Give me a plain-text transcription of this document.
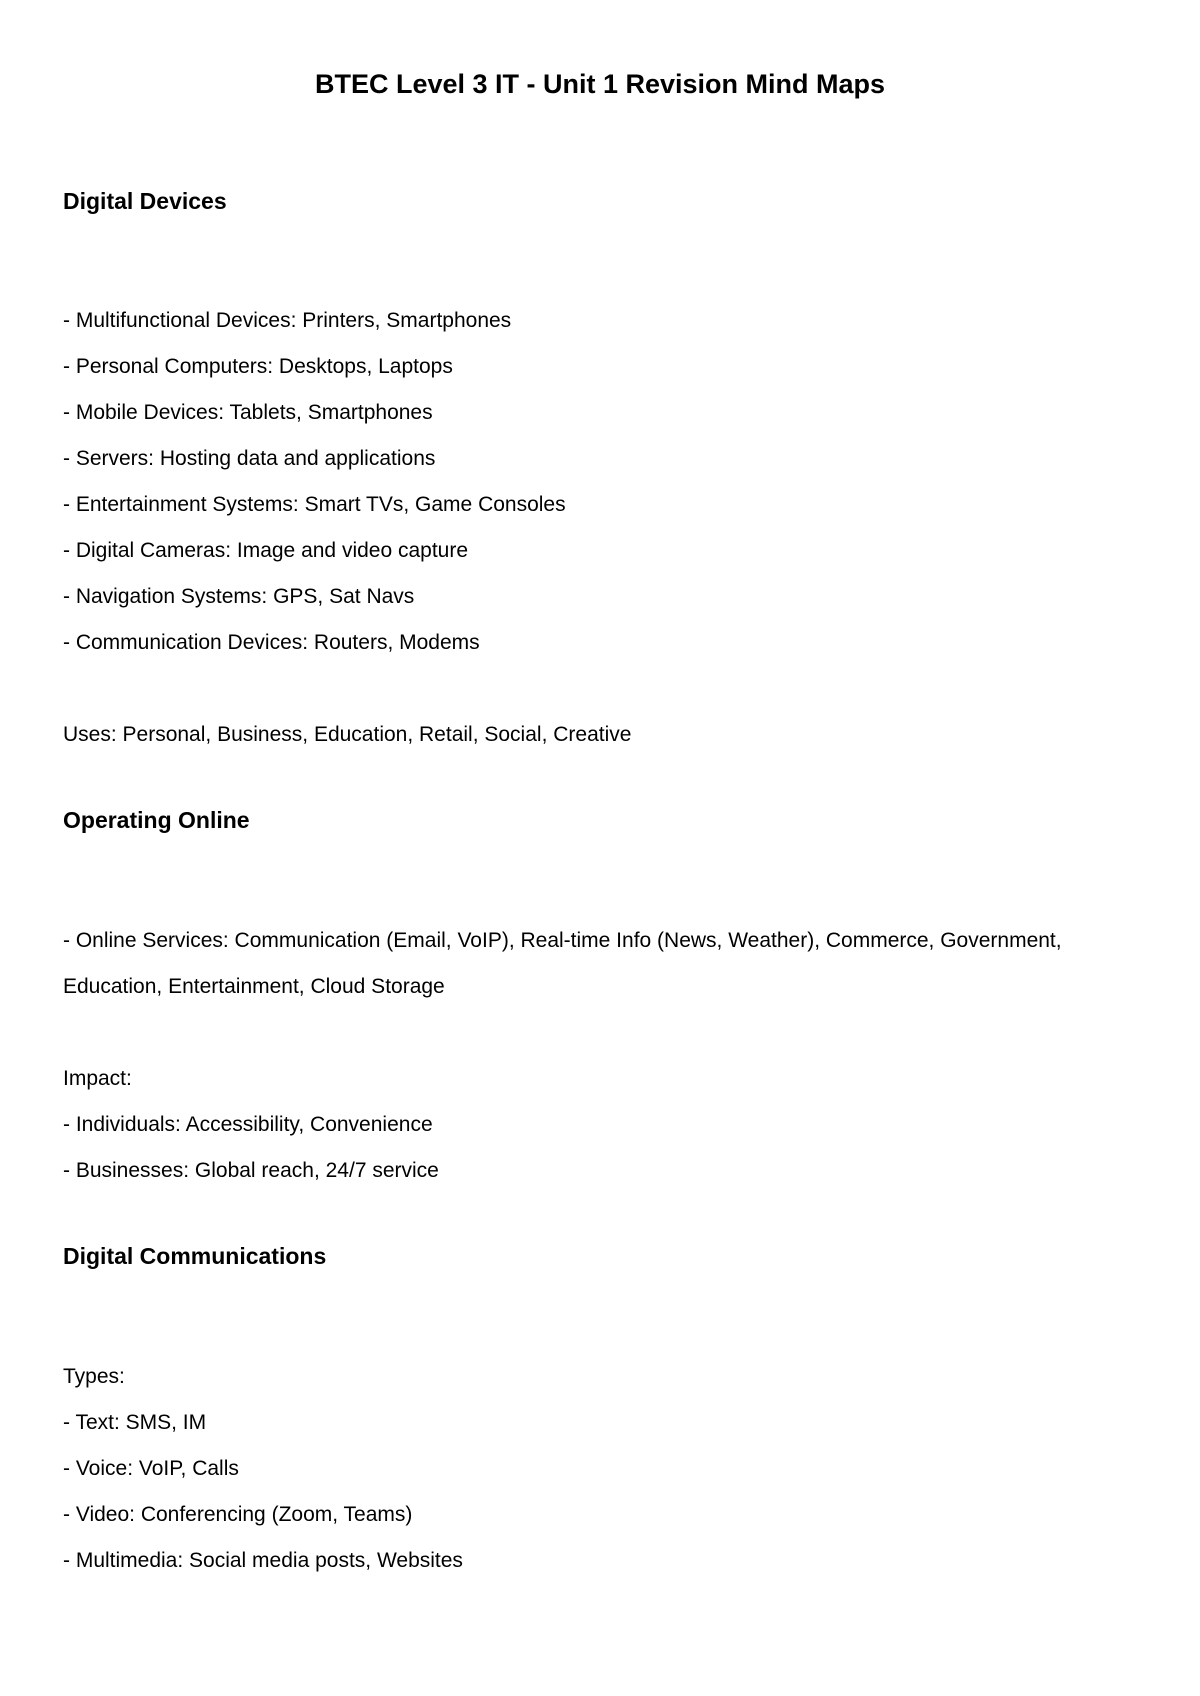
BTEC Level 3 IT - Unit 1 Revision Mind Maps
Digital Devices
- Multifunctional Devices: Printers, Smartphones
- Personal Computers: Desktops, Laptops
- Mobile Devices: Tablets, Smartphones
- Servers: Hosting data and applications
- Entertainment Systems: Smart TVs, Game Consoles
- Digital Cameras: Image and video capture
- Navigation Systems: GPS, Sat Navs
- Communication Devices: Routers, Modems
Uses: Personal, Business, Education, Retail, Social, Creative
Operating Online
- Online Services: Communication (Email, VoIP), Real-time Info (News, Weather), Commerce, Government,
Education, Entertainment, Cloud Storage
Impact:
- Individuals: Accessibility, Convenience
- Businesses: Global reach, 24/7 service
Digital Communications
Types:
- Text: SMS, IM
- Voice: VoIP, Calls
- Video: Conferencing (Zoom, Teams)
- Multimedia: Social media posts, Websites
